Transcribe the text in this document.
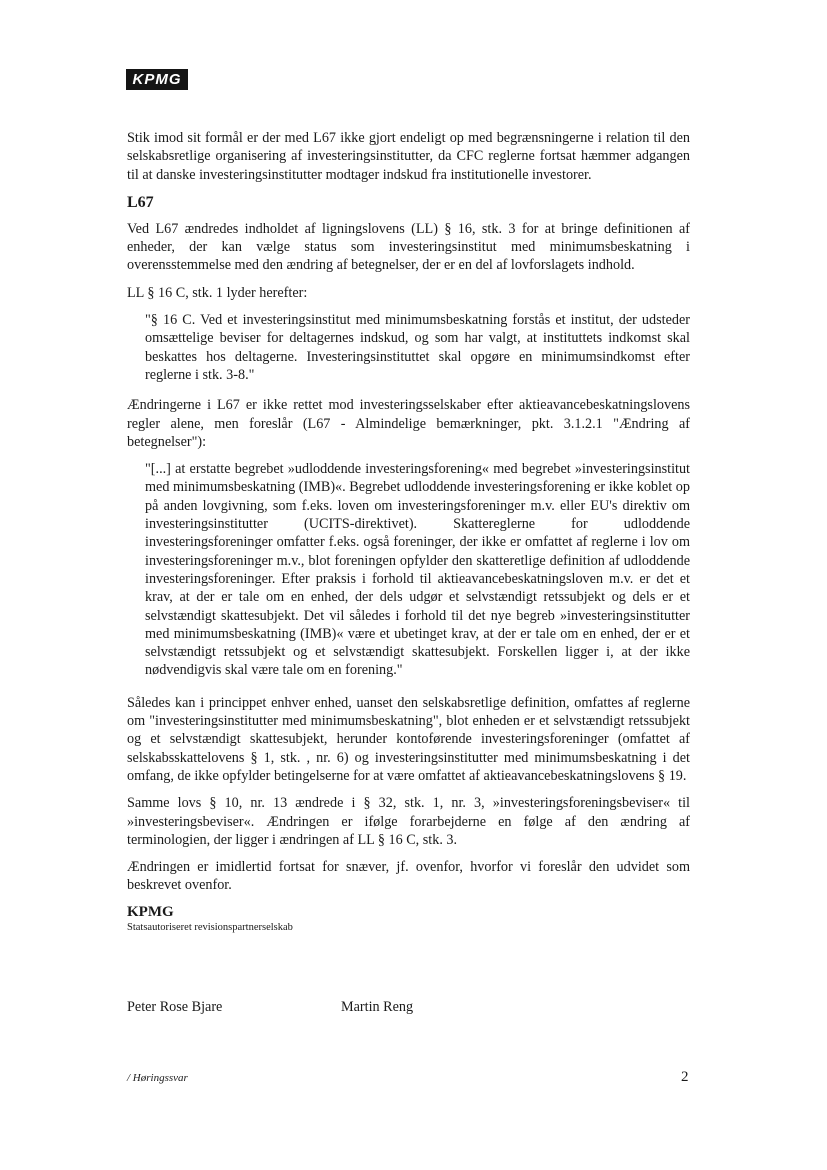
KPMG

Stik imod sit formål er der med L67 ikke gjort endeligt op med begrænsningerne i relation til den selskabsretlige organisering af investeringsinstitutter, da CFC reglerne fortsat hæmmer adgangen til at danske investeringsinstitutter modtager indskud fra institutionelle investorer.

L67

Ved L67 ændredes indholdet af ligningslovens (LL) § 16, stk. 3 for at bringe definitionen af enheder, der kan vælge status som investeringsinstitut med minimumsbeskatning i overensstemmelse med den ændring af betegnelser, der er en del af lovforslagets indhold.

LL § 16 C, stk. 1 lyder herefter:

"§ 16 C. Ved et investeringsinstitut med minimumsbeskatning forstås et institut, der udsteder omsættelige beviser for deltagernes indskud, og som har valgt, at instituttets indkomst skal beskattes hos deltagerne. Investeringsinstituttet skal opgøre en minimumsindkomst efter reglerne i stk. 3-8."

Ændringerne i L67 er ikke rettet mod investeringsselskaber efter aktieavancebeskatningslovens regler alene, men foreslår (L67 - Almindelige bemærkninger, pkt. 3.1.2.1 "Ændring af betegnelser"):

"[...] at erstatte begrebet »udloddende investeringsforening« med begrebet »investeringsinstitut med minimumsbeskatning (IMB)«. Begrebet udloddende investeringsforening er ikke koblet op på anden lovgivning, som f.eks. loven om investeringsforeninger m.v. eller EU's direktiv om investeringsinstitutter (UCITS-direktivet). Skattereglerne for udloddende investeringsforeninger omfatter f.eks. også foreninger, der ikke er omfattet af reglerne i lov om investeringsforeninger m.v., blot foreningen opfylder den skatteretlige definition af udloddende investeringsforeninger. Efter praksis i forhold til aktieavancebeskatningsloven m.v. er det et krav, at der er tale om en enhed, der dels udgør et selvstændigt retssubjekt og dels er et selvstændigt skattesubjekt. Det vil således i forhold til det nye begreb »investeringsinstitutter med minimumsbeskatning (IMB)« være et ubetinget krav, at der er tale om en enhed, der er et selvstændigt retssubjekt og et selvstændigt skattesubjekt. Forskellen ligger i, at der ikke nødvendigvis skal være tale om en forening."

Således kan i princippet enhver enhed, uanset den selskabsretlige definition, omfattes af reglerne om "investeringsinstitutter med minimumsbeskatning", blot enheden er et selvstændigt retssubjekt og et selvstændigt skattesubjekt, herunder kontoførende investeringsforeninger (omfattet af selskabsskattelovens § 1, stk. , nr. 6) og investeringsinstitutter med minimumsbeskatning i det omfang, de ikke opfylder betingelserne for at være omfattet af aktieavancebeskatningslovens § 19.

Samme lovs § 10, nr. 13 ændrede i § 32, stk. 1, nr. 3, »investeringsforeningsbeviser« til »investeringsbeviser«. Ændringen er ifølge forarbejderne en følge af den ændring af terminologien, der ligger i ændringen af LL § 16 C, stk. 3.

Ændringen er imidlertid fortsat for snæver, jf. ovenfor, hvorfor vi foreslår den udvidet som beskrevet ovenfor.

KPMG
Statsautoriseret revisionspartnerselskab
Peter Rose Bjare	Martin Reng
/ Høringssvar	2
